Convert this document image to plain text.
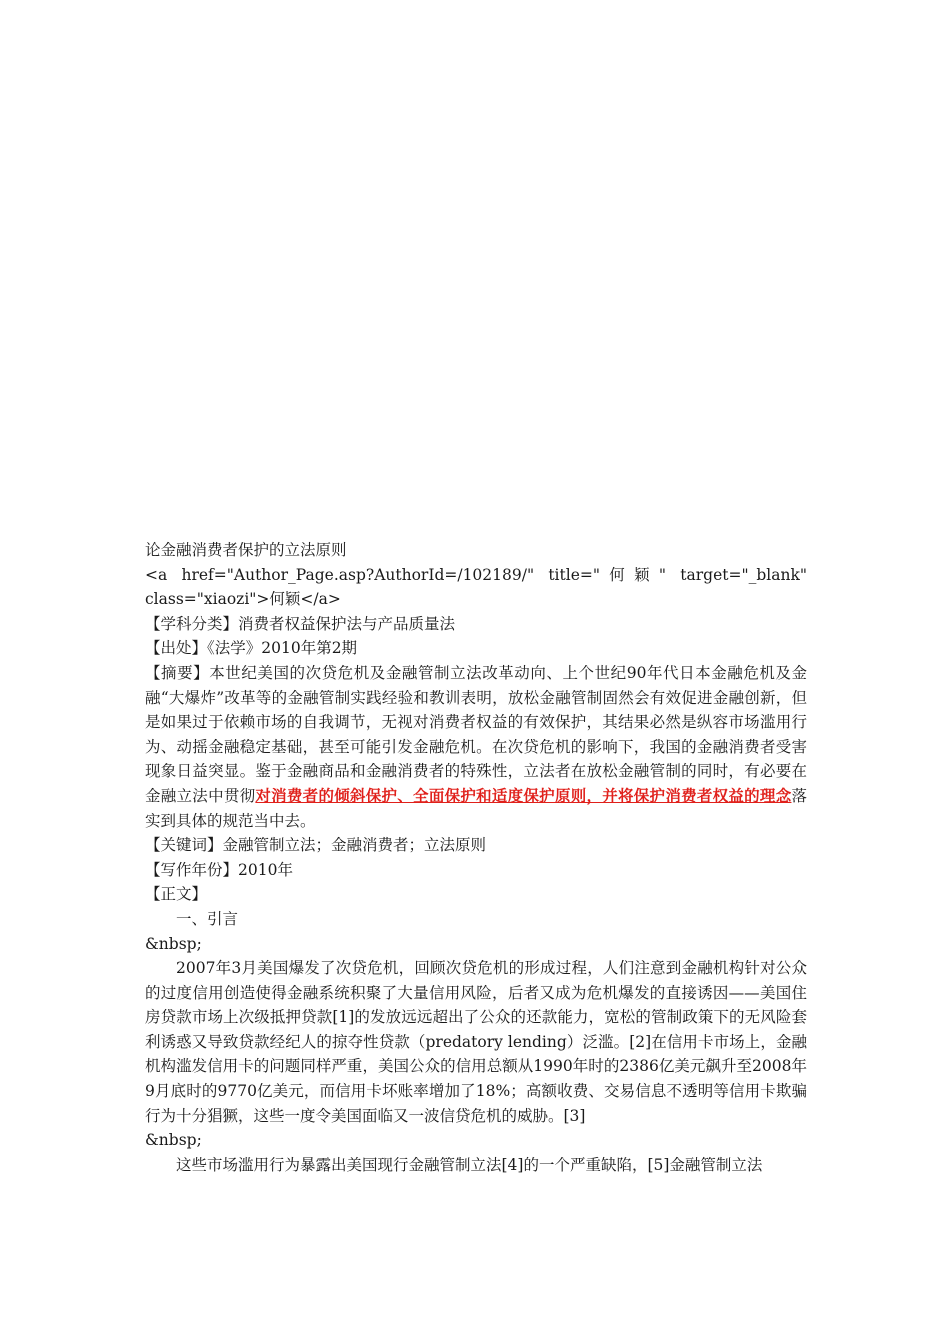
论金融消费者保护的立法原则

<a href="Author_Page.asp?AuthorId=/102189/" title="何颖" target="_blank" class="xiaozi">何颖</a>

【学科分类】消费者权益保护法与产品质量法

【出处】《法学》2010年第2期

【摘要】本世纪美国的次贷危机及金融管制立法改革动向、上个世纪90年代日本金融危机及金融“大爆炸”改革等的金融管制实践经验和教训表明，放松金融管制固然会有效促进金融创新，但是如果过于依赖市场的自我调节，无视对消费者权益的有效保护，其结果必然是纵容市场滥用行为、动摇金融稳定基础，甚至可能引发金融危机。在次贷危机的影响下，我国的金融消费者受害现象日益突显。鉴于金融商品和金融消费者的特殊性，立法者在放松金融管制的同时，有必要在金融立法中贯彻对消费者的倾斜保护、全面保护和适度保护原则，并将保护消费者权益的理念落实到具体的规范当中去。

【关键词】金融管制立法；金融消费者；立法原则

【写作年份】2010年

【正文】

一、引言

&nbsp;

2007年3月美国爆发了次贷危机，回顾次贷危机的形成过程，人们注意到金融机构针对公众的过度信用创造使得金融系统积聚了大量信用风险，后者又成为危机爆发的直接诱因——美国住房贷款市场上次级抵押贷款[1]的发放远远超出了公众的还款能力，宽松的管制政策下的无风险套利诱惑又导致贷款经纪人的掠夺性贷款（predatory lending）泛滥。[2]在信用卡市场上，金融机构滥发信用卡的问题同样严重，美国公众的信用总额从1990年时的2386亿美元飙升至2008年9月底时的9770亿美元，而信用卡坏账率增加了18%；高额收费、交易信息不透明等信用卡欺骗行为十分猖獗，这些一度令美国面临又一波信贷危机的威胁。[3]

&nbsp;

这些市场滥用行为暴露出美国现行金融管制立法[4]的一个严重缺陷，[5]金融管制立法
